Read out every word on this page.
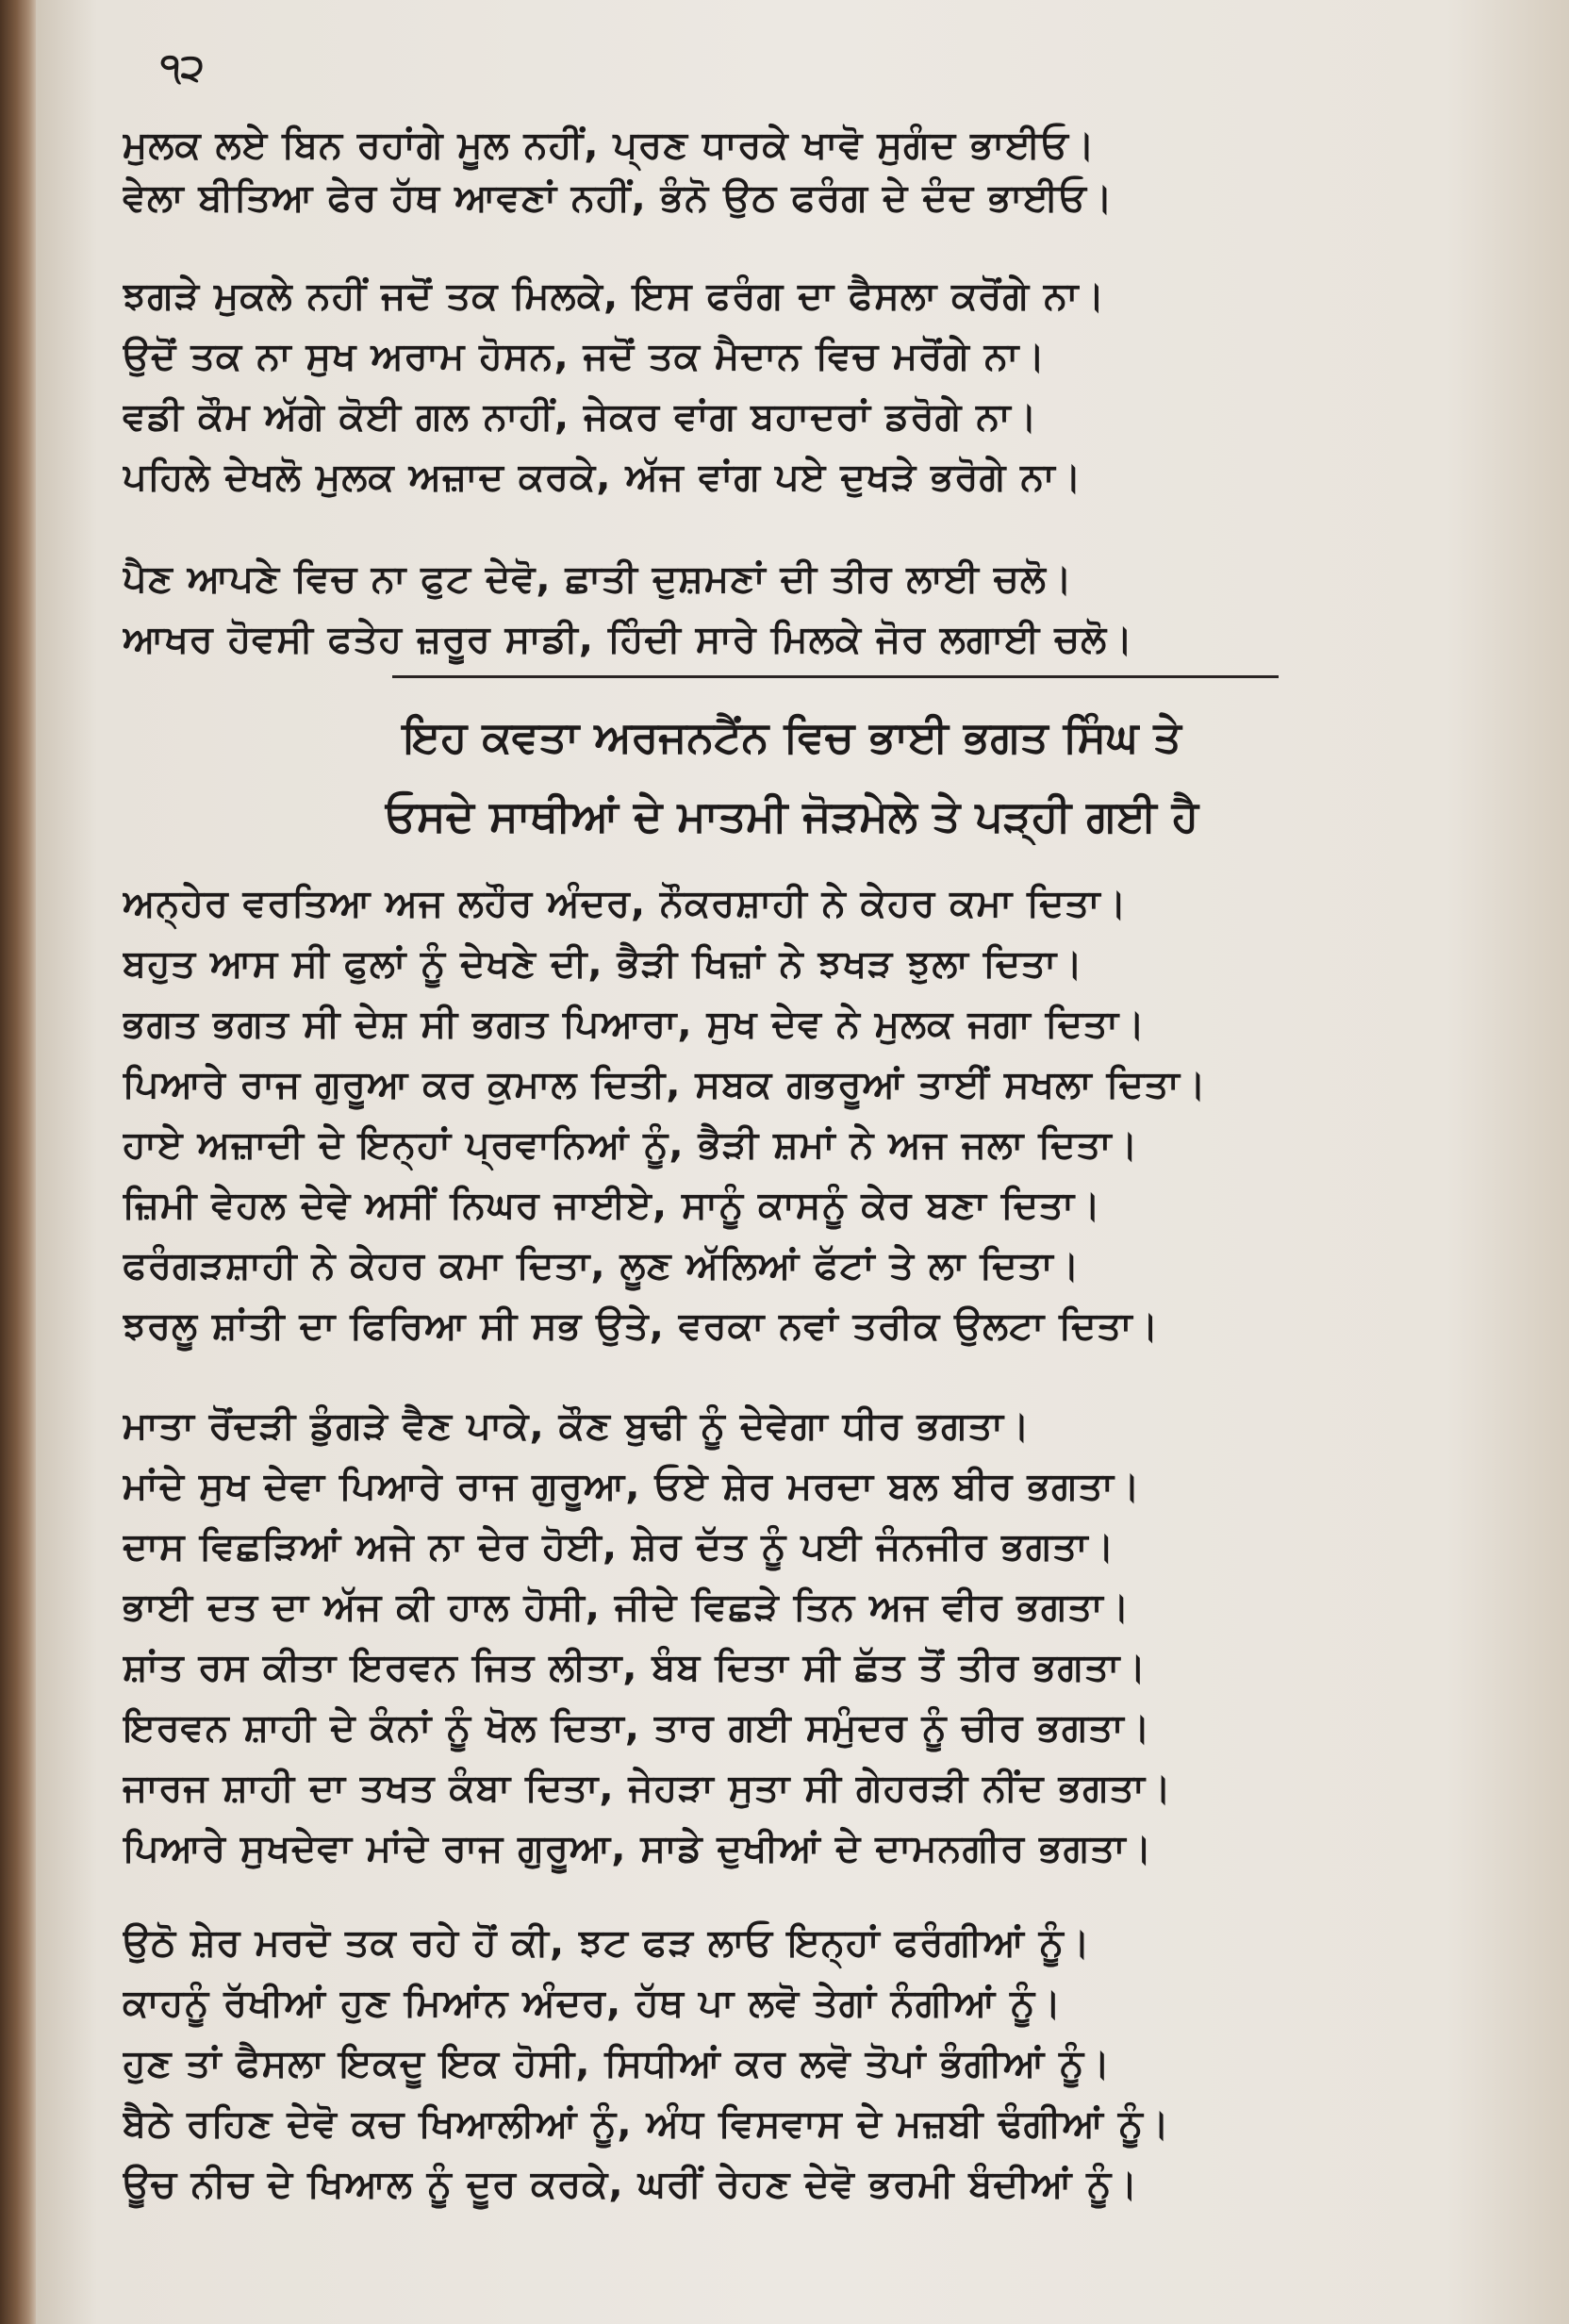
੧੨
ਮੁਲਕ ਲਏ ਬਿਨ ਰਹਾਂਗੇ ਮੂਲ ਨਹੀਂ, ਪ੍ਰਣ ਧਾਰਕੇ ਖਾਵੋ ਸੁਗੰਦ ਭਾਈਓ।
ਵੇਲਾ ਬੀਤਿਆ ਫੇਰ ਹੱਥ ਆਵਣਾਂ ਨਹੀਂ, ਭੰਨੋ ਉਠ ਫਰੰਗ ਦੇ ਦੰਦ ਭਾਈਓ।
ਝਗੜੇ ਮੁਕਲੇ ਨਹੀਂ ਜਦੋਂ ਤਕ ਮਿਲਕੇ, ਇਸ ਫਰੰਗ ਦਾ ਫੈਸਲਾ ਕਰੋਂਗੇ ਨਾ।
ਉਦੋਂ ਤਕ ਨਾ ਸੁਖ ਅਰਾਮ ਹੋਸਨ, ਜਦੋਂ ਤਕ ਮੈਦਾਨ ਵਿਚ ਮਰੋਂਗੇ ਨਾ।
ਵਡੀ ਕੌਮ ਅੱਗੇ ਕੋਈ ਗਲ ਨਾਹੀਂ, ਜੇਕਰ ਵਾਂਗ ਬਹਾਦਰਾਂ ਡਰੋਗੇ ਨਾ।
ਪਹਿਲੇ ਦੇਖਲੋ ਮੁਲਕ ਅਜ਼ਾਦ ਕਰਕੇ, ਅੱਜ ਵਾਂਗ ਪਏ ਦੁਖੜੇ ਭਰੋਗੇ ਨਾ।
ਪੈਣ ਆਪਣੇ ਵਿਚ ਨਾ ਫੁਟ ਦੇਵੋ, ਛਾਤੀ ਦੁਸ਼ਮਣਾਂ ਦੀ ਤੀਰ ਲਾਈ ਚਲੋ।
ਆਖਰ ਹੋਵਸੀ ਫਤੇਹ ਜ਼ਰੂਰ ਸਾਡੀ, ਹਿੰਦੀ ਸਾਰੇ ਮਿਲਕੇ ਜੋਰ ਲਗਾਈ ਚਲੋ।
ਇਹ ਕਵਤਾ ਅਰਜਨਟੈਂਨ ਵਿਚ ਭਾਈ ਭਗਤ ਸਿੰਘ ਤੇ
ਓਸਦੇ ਸਾਥੀਆਂ ਦੇ ਮਾਤਮੀ ਜੋੜਮੇਲੇ ਤੇ ਪੜ੍ਹੀ ਗਈ ਹੈ
ਅਨ੍ਹੇਰ ਵਰਤਿਆ ਅਜ ਲਹੌਰ ਅੰਦਰ, ਨੌਕਰਸ਼ਾਹੀ ਨੇ ਕੇਹਰ ਕਮਾ ਦਿਤਾ।
ਬਹੁਤ ਆਸ ਸੀ ਫੁਲਾਂ ਨੂੰ ਦੇਖਣੇ ਦੀ, ਭੈੜੀ ਖਿਜ਼ਾਂ ਨੇ ਝਖੜ ਝੁਲਾ ਦਿਤਾ।
ਭਗਤ ਭਗਤ ਸੀ ਦੇਸ਼ ਸੀ ਭਗਤ ਪਿਆਰਾ, ਸੁਖ ਦੇਵ ਨੇ ਮੁਲਕ ਜਗਾ ਦਿਤਾ।
ਪਿਆਰੇ ਰਾਜ ਗੁਰੂਆ ਕਰ ਕੁਮਾਲ ਦਿਤੀ, ਸਬਕ ਗਭਰੂਆਂ ਤਾਈਂ ਸਖਲਾ ਦਿਤਾ।
ਹਾਏ ਅਜ਼ਾਦੀ ਦੇ ਇਨ੍ਹਾਂ ਪ੍ਰਵਾਨਿਆਂ ਨੂੰ, ਭੈੜੀ ਸ਼ਮਾਂ ਨੇ ਅਜ ਜਲਾ ਦਿਤਾ।
ਜ਼ਿਮੀ ਵੇਹਲ ਦੇਵੇ ਅਸੀਂ ਨਿਘਰ ਜਾਈਏ, ਸਾਨੂੰ ਕਾਸਨੂੰ ਕੇਰ ਬਣਾ ਦਿਤਾ।
ਫਰੰਗੜਸ਼ਾਹੀ ਨੇ ਕੇਹਰ ਕਮਾ ਦਿਤਾ, ਲੂਣ ਅੱਲਿਆਂ ਫੱਟਾਂ ਤੇ ਲਾ ਦਿਤਾ।
ਝਰਲੂ ਸ਼ਾਂਤੀ ਦਾ ਫਿਰਿਆ ਸੀ ਸਭ ਉਤੇ, ਵਰਕਾ ਨਵਾਂ ਤਰੀਕ ਉਲਟਾ ਦਿਤਾ।
ਮਾਤਾ ਰੋਂਦੜੀ ਡੁੰਗੜੇ ਵੈਣ ਪਾਕੇ, ਕੌਣ ਬੁਢੀ ਨੂੰ ਦੇਵੇਗਾ ਧੀਰ ਭਗਤਾ।
ਮਾਂਦੇ ਸੁਖ ਦੇਵਾ ਪਿਆਰੇ ਰਾਜ ਗੁਰੂਆ, ਓਏ ਸ਼ੇਰ ਮਰਦਾ ਬਲ ਬੀਰ ਭਗਤਾ।
ਦਾਸ ਵਿਛੜਿਆਂ ਅਜੇ ਨਾ ਦੇਰ ਹੋਈ, ਸ਼ੇਰ ਦੱਤ ਨੂੰ ਪਈ ਜੰਨਜੀਰ ਭਗਤਾ।
ਭਾਈ ਦਤ ਦਾ ਅੱਜ ਕੀ ਹਾਲ ਹੋਸੀ, ਜੀਦੇ ਵਿਛੜੇ ਤਿਨ ਅਜ ਵੀਰ ਭਗਤਾ।
ਸ਼ਾਂਤ ਰਸ ਕੀਤਾ ਇਰਵਨ ਜਿਤ ਲੀਤਾ, ਬੰਬ ਦਿਤਾ ਸੀ ਛੱਤ ਤੋਂ ਤੀਰ ਭਗਤਾ।
ਇਰਵਨ ਸ਼ਾਹੀ ਦੇ ਕੰਨਾਂ ਨੂੰ ਖੋਲ ਦਿਤਾ, ਤਾਰ ਗਈ ਸਮੁੰਦਰ ਨੂੰ ਚੀਰ ਭਗਤਾ।
ਜਾਰਜ ਸ਼ਾਹੀ ਦਾ ਤਖਤ ਕੰਬਾ ਦਿਤਾ, ਜੇਹੜਾ ਸੁਤਾ ਸੀ ਗੇਹਰੜੀ ਨੀਂਦ ਭਗਤਾ।
ਪਿਆਰੇ ਸੁਖਦੇਵਾ ਮਾਂਦੇ ਰਾਜ ਗੁਰੂਆ, ਸਾਡੇ ਦੁਖੀਆਂ ਦੇ ਦਾਮਨਗੀਰ ਭਗਤਾ।
ਉਠੋ ਸ਼ੇਰ ਮਰਦੋ ਤਕ ਰਹੇ ਹੋਂ ਕੀ, ਝਟ ਫੜ ਲਾਓ ਇਨ੍ਹਾਂ ਫਰੰਗੀਆਂ ਨੂੰ।
ਕਾਹਨੂੰ ਰੱਖੀਆਂ ਹੁਣ ਮਿਆਂਨ ਅੰਦਰ, ਹੱਥ ਪਾ ਲਵੋ ਤੇਗਾਂ ਨੰਗੀਆਂ ਨੂੰ।
ਹੁਣ ਤਾਂ ਫੈਸਲਾ ਇਕਦੂ ਇਕ ਹੋਸੀ, ਸਿਧੀਆਂ ਕਰ ਲਵੋ ਤੋਪਾਂ ਭੰਗੀਆਂ ਨੂੰ।
ਬੈਠੇ ਰਹਿਣ ਦੇਵੋ ਕਚ ਖਿਆਲੀਆਂ ਨੂੰ, ਅੰਧ ਵਿਸਵਾਸ ਦੇ ਮਜ਼ਬੀ ਢੰਗੀਆਂ ਨੂੰ।
ਊਚ ਨੀਚ ਦੇ ਖਿਆਲ ਨੂੰ ਦੂਰ ਕਰਕੇ, ਘਰੀਂ ਰੇਹਣ ਦੇਵੋ ਭਰਮੀ ਬੰਦੀਆਂ ਨੂੰ।
